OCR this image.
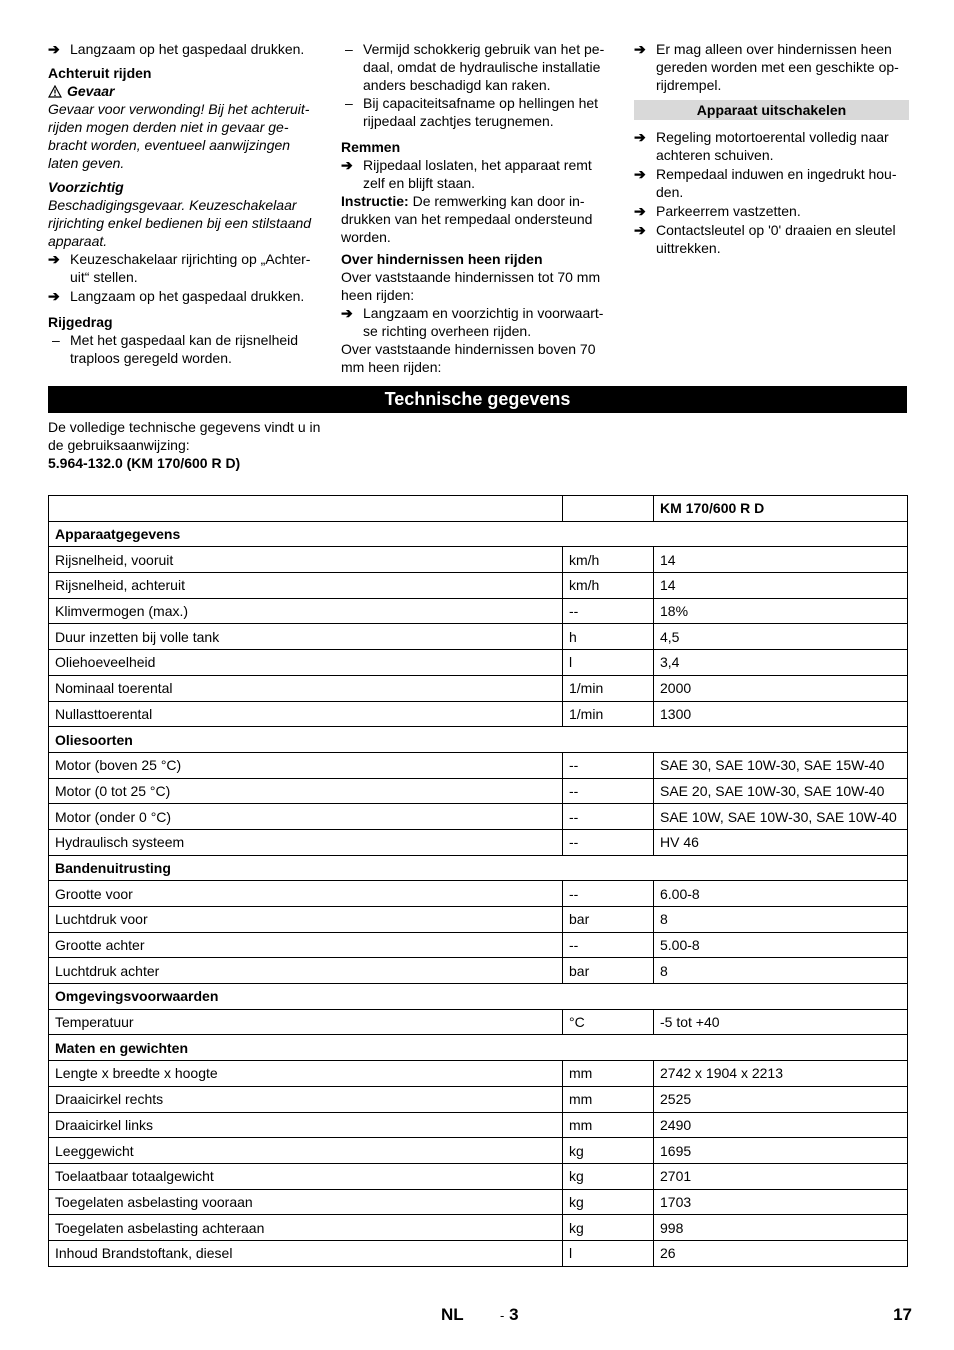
➔ Langzaam op het gaspedaal drukken.

Achteruit rijden

Gevaar

Gevaar voor verwonding! Bij het achteruit-rijden mogen derden niet in gevaar ge-bracht worden, eventueel aanwijzingen laten geven.

Voorzichtig

Beschadigingsgevaar. Keuzeschakelaar rijrichting enkel bedienen bij een stilstaand apparaat.

➔ Keuzeschakelaar rijrichting op „Achter-uit“ stellen.
➔ Langzaam op het gaspedaal drukken.

Rijgedrag

– Met het gaspedaal kan de rijsnelheid traploos geregeld worden.
– Vermijd schokkerig gebruik van het pe-daal, omdat de hydraulische installatie anders beschadigd kan raken.
– Bij capaciteitsafname op hellingen het rijpedaal zachtjes terugnemen.

Remmen

➔ Rijpedaal loslaten, het apparaat remt zelf en blijft staan.

Instructie: De remwerking kan door in-drukken van het rempedaal ondersteund worden.

Over hindernissen heen rijden

Over vaststaande hindernissen tot 70 mm heen rijden:

➔ Langzaam en voorzichtig in voorwaart-se richting overheen rijden.

Over vaststaande hindernissen boven 70 mm heen rijden:

➔ Er mag alleen over hindernissen heen gereden worden met een geschikte op-rijdrempel.
Apparaat uitschakelen
➔ Regeling motortoerental volledig naar achteren schuiven.
➔ Rempedaal induwen en ingedrukt hou-den.
➔ Parkeerrem vastzetten.
➔ Contactsleutel op '0' draaien en sleutel uittrekken.
Technische gegevens

De volledige technische gegevens vindt u in de gebruiksaanwijzing:

5.964-132.0 (KM 170/600 R D)

		KM 170/600 R D
Apparaatgegevens		
Rijsnelheid, vooruit	km/h	14
Rijsnelheid, achteruit	km/h	14
Klimvermogen (max.)	--	18%
Duur inzetten bij volle tank	h	4,5
Oliehoeveelheid	l	3,4
Nominaal toerental	1/min	2000
Nullasttoerental	1/min	1300
Oliesoorten		
Motor (boven 25 °C)	--	SAE 30, SAE 10W-30, SAE 15W-40
Motor (0 tot 25 °C)	--	SAE 20, SAE 10W-30, SAE 10W-40
Motor (onder 0 °C)	--	SAE 10W, SAE 10W-30, SAE 10W-40
Hydraulisch systeem	--	HV 46
Bandenuitrusting		
Grootte voor	--	6.00-8
Luchtdruk voor	bar	8
Grootte achter	--	5.00-8
Luchtdruk achter	bar	8
Omgevingsvoorwaarden		
Temperatuur	°C	-5 tot +40
Maten en gewichten		
Lengte x breedte x hoogte	mm	2742 x 1904 x 2213
Draaicirkel rechts	mm	2525
Draaicirkel links	mm	2490
Leeggewicht	kg	1695
Toelaatbaar totaalgewicht	kg	2701
Toegelaten asbelasting vooraan	kg	1703
Toegelaten asbelasting achteraan	kg	998
Inhoud Brandstoftank, diesel	l	26
NL	- 3	17
